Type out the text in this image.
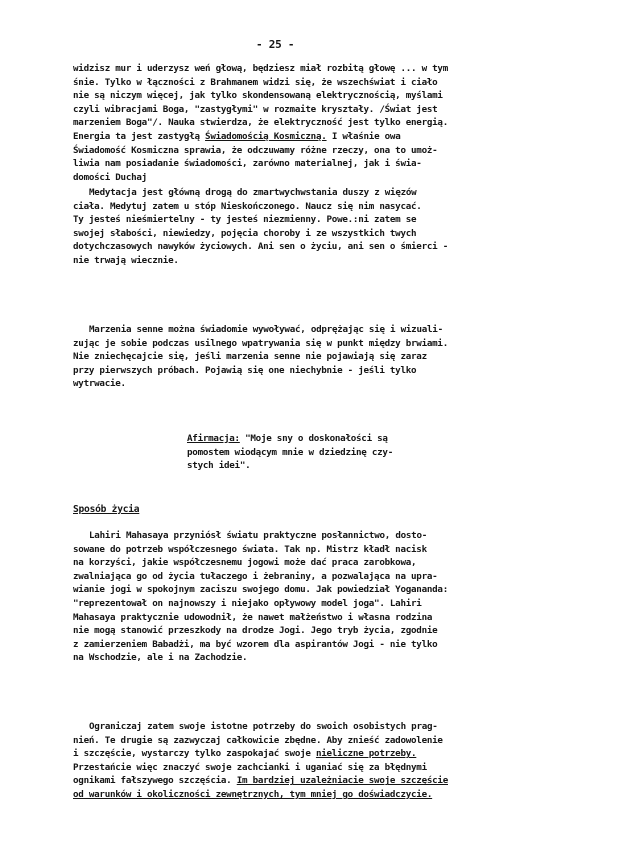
- 25 -
widzisz mur i uderzysz weń głową, będziesz miał rozbitą głowę ... w tym
śnie. Tylko w łączności z Brahmanem widzi się, że wszechświat i ciało
nie są niczym więcej, jak tylko skondensowaną elektrycznością, myślami
czyli wibracjami Boga, "zastygłymi" w rozmaite kryształy. /Świat jest
marzeniem Boga"/. Nauka stwierdza, że elektryczność jest tylko energią.
Energia ta jest zastygłą Świadomością Kosmiczną. I właśnie owa
Świadomość Kosmiczna sprawia, że odczuwamy różne rzeczy, ona to umoż-
liwia nam posiadanie świadomości, zarówno materialnej, jak i świa-
domości Duchaj
Medytacja jest główną drogą do zmartwychwstania duszy z więzów
ciała. Medytuj zatem u stóp Nieskończonego. Naucz się nim nasycać.
Ty jesteś nieśmiertelny - ty jesteś niezmienny. Powe.:ni zatem se
swojej słabości, niewiedzy, pojęcia choroby i ze wszystkich twych
dotychczasowych nawyków życiowych. Ani sen o życiu, ani sen o śmierci -
nie trwają wiecznie.
Marzenia senne można świadomie wywoływać, odprężając się i wizuali-
zując je sobie podczas usilnego wpatrywania się w punkt między brwiami.
Nie zniechęcajcie się, jeśli marzenia senne nie pojawiają się zaraz
przy pierwszych próbach. Pojawią się one niechybnie - jeśli tylko
wytrwacie.
Afirmacja: "Moje sny o doskonałości są
pomostem wiodącym mnie w dziedzinę czy-
stych idei".
Sposób życia
Lahiri Mahasaya przyniósł światu praktyczne posłannictwo, dosto-
sowane do potrzeb współczesnego świata. Tak np. Mistrz kładł nacisk
na korzyści, jakie współczesnemu jogowi może dać praca zarobkowa,
zwalniająca go od życia tułaczego i żebraniny, a pozwalająca na upra-
wianie jogi w spokojnym zaciszu swojego domu. Jak powiedział Yogananda:
"reprezentował on najnowszy i niejako opływowy model joga". Lahiri
Mahasaya praktycznie udowodnił, że nawet małżeństwo i własna rodzina
nie mogą stanowić przeszkody na drodze Jogi. Jego tryb życia, zgodnie
z zamierzeniem Babadżi, ma być wzorem dla aspirantów Jogi - nie tylko
na Wschodzie, ale i na Zachodzie.
Ograniczaj zatem swoje istotne potrzeby do swoich osobistych prag-
nień. Te drugie są zazwyczaj całkowicie zbędne. Aby znieść zadowolenie
i szczęście, wystarczy tylko zaspokajać swoje nieliczne potrzeby.
Przestańcie więc znaczyć swoje zachcianki i uganiać się za błędnymi
ognikami fałszywego szczęścia. Im bardziej uzależniacie swoje szczęście
od warunków i okoliczności zewnętrznych, tym mniej go doświadczycie.
